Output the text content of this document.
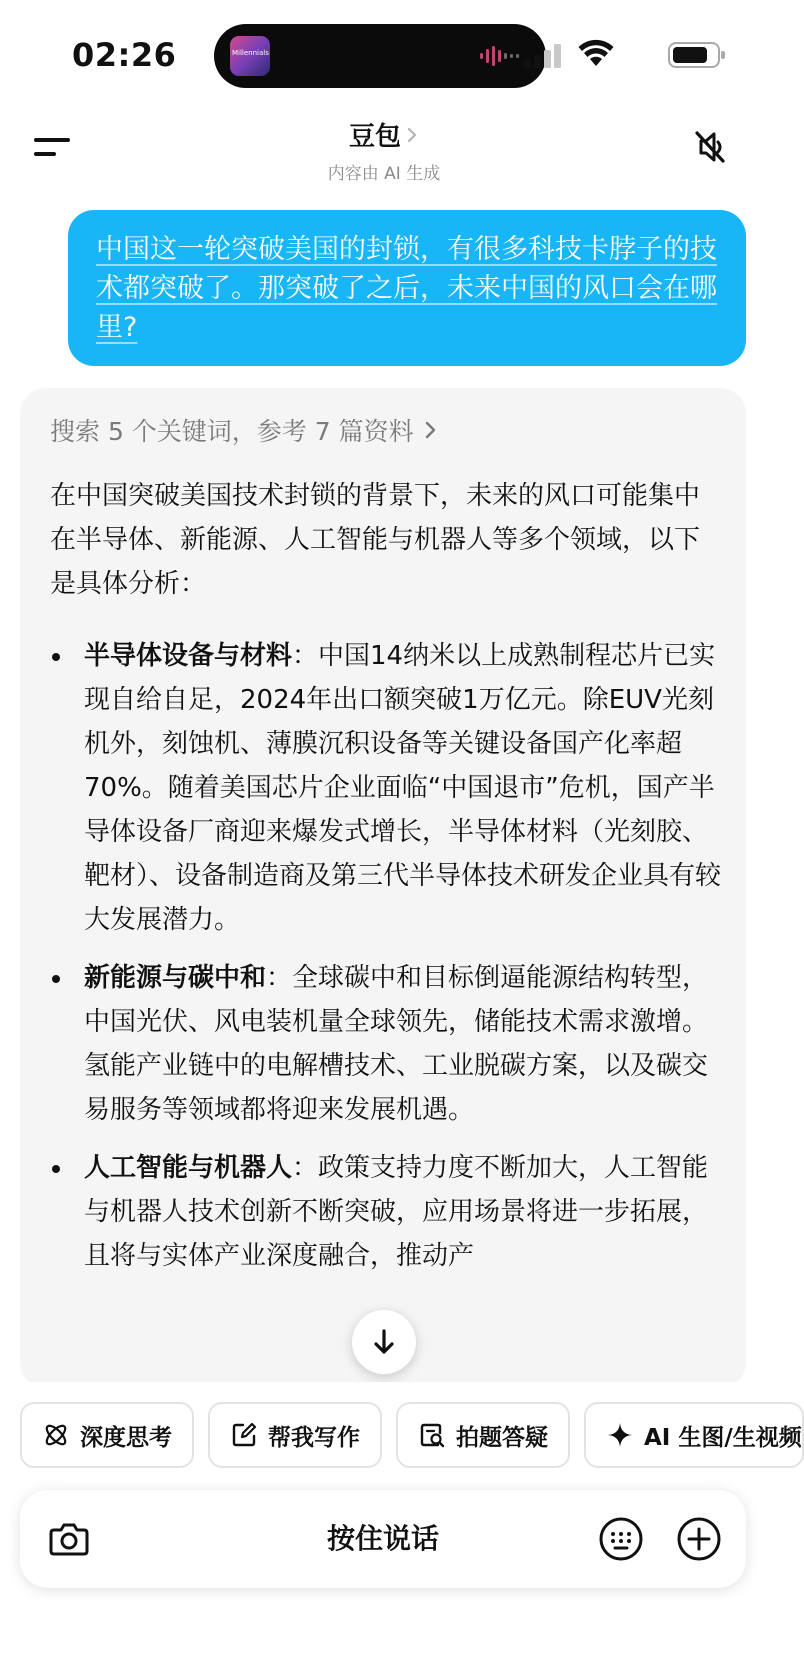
02:26	Millennials
豆包
内容由 AI 生成
中国这一轮突破美国的封锁，有很多科技卡脖子的技术都突破了。那突破了之后，未来中国的风口会在哪里?
搜索 5 个关键词，参考 7 篇资料
在中国突破美国技术封锁的背景下，未来的风口可能集中在半导体、新能源、人工智能与机器人等多个领域，以下是具体分析：
半导体设备与材料：中国14纳米以上成熟制程芯片已实现自给自足，2024年出口额突破1万亿元。除EUV光刻机外，刻蚀机、薄膜沉积设备等关键设备国产化率超70%。随着美国芯片企业面临“中国退市”危机，国产半导体设备厂商迎来爆发式增长，半导体材料（光刻胶、靶材）、设备制造商及第三代半导体技术研发企业具有较大发展潜力。
新能源与碳中和：全球碳中和目标倒逼能源结构转型，中国光伏、风电装机量全球领先，储能技术需求激增。氢能产业链中的电解槽技术、工业脱碳方案，以及碳交易服务等领域都将迎来发展机遇。
人工智能与机器人：政策支持力度不断加大，人工智能与机器人技术创新不断突破，应用场景将进一步拓展，且将与实体产业深度融合，推动产
深度思考	帮我写作	拍题答疑	AI 生图/生视频
按住说话
